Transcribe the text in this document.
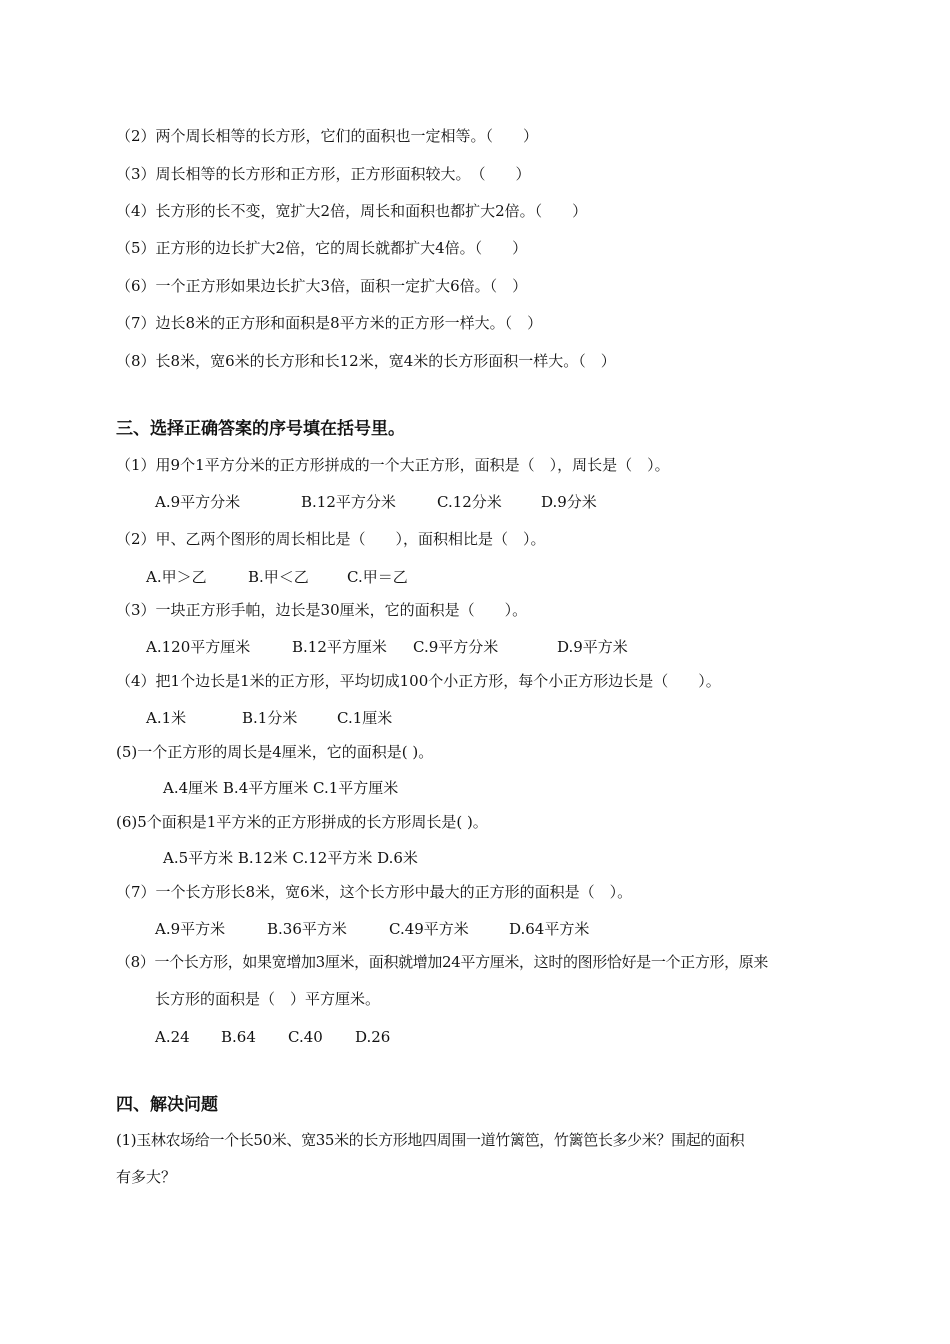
（2）两个周长相等的长方形，它们的面积也一定相等。（　　）
（3）周长相等的长方形和正方形，正方形面积较大。　（　　）
（4）长方形的长不变，宽扩大2倍，周长和面积也都扩大2倍。（　　）
（5）正方形的边长扩大2倍，它的周长就都扩大4倍。（　　）
（6）一个正方形如果边长扩大3倍，面积一定扩大6倍。（　）
（7）边长8米的正方形和面积是8平方米的正方形一样大。（　）
（8）长8米，宽6米的长方形和长12米，宽4米的长方形面积一样大。（　）
三、选择正确答案的序号填在括号里。
（1）用9个1平方分米的正方形拼成的一个大正方形，面积是（　），周长是（　）。
A.9平方分米	B.12平方分米	C.12分米	D.9分米
（2）甲、乙两个图形的周长相比是（　　），面积相比是（　）。
A.甲＞乙	B.甲＜乙	C.甲＝乙
（3）一块正方形手帕，边长是30厘米，它的面积是（　　）。
A.120平方厘米	B.12平方厘米 C.9平方分米	D.9平方米
（4）把1个边长是1米的正方形，平均切成100个小正方形，每个小正方形边长是（　　）。
A.1米	B.1分米	C.1厘米
(5)一个正方形的周长是4厘米，它的面积是( )。
A.4厘米 B.4平方厘米 C.1平方厘米
(6)5个面积是1平方米的正方形拼成的长方形周长是( )。
A.5平方米 B.12米 C.12平方米 D.6米
（7）一个长方形长8米，宽6米，这个长方形中最大的正方形的面积是（　）。
A.9平方米	B.36平方米	C.49平方米	D.64平方米
（8）一个长方形，如果宽增加3厘米，面积就增加24平方厘米，这时的图形恰好是一个正方形，原来
长方形的面积是（　）平方厘米。
A.24 B.64 C.40 D.26
四、解决问题
(1)玉林农场给一个长50米、宽35米的长方形地四周围一道竹篱笆，竹篱笆长多少米？围起的面积
有多大？
